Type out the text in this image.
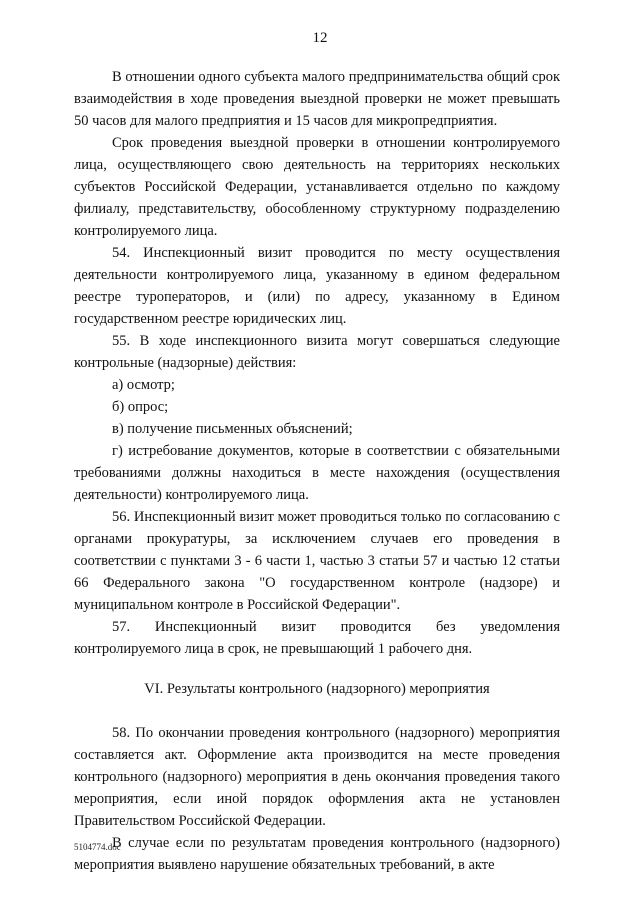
12

В отношении одного субъекта малого предпринимательства общий срок взаимодействия в ходе проведения выездной проверки не может превышать 50 часов для малого предприятия и 15 часов для микропредприятия.

Срок проведения выездной проверки в отношении контролируемого лица, осуществляющего свою деятельность на территориях нескольких субъектов Российской Федерации, устанавливается отдельно по каждому филиалу, представительству, обособленному структурному подразделению контролируемого лица.

54. Инспекционный визит проводится по месту осуществления деятельности контролируемого лица, указанному в едином федеральном реестре туроператоров, и (или) по адресу, указанному в Едином государственном реестре юридических лиц.

55. В ходе инспекционного визита могут совершаться следующие контрольные (надзорные) действия:

а) осмотр;

б) опрос;

в) получение письменных объяснений;

г) истребование документов, которые в соответствии с обязательными требованиями должны находиться в месте нахождения (осуществления деятельности) контролируемого лица.

56. Инспекционный визит может проводиться только по согласованию с органами прокуратуры, за исключением случаев его проведения в соответствии с пунктами 3 - 6 части 1, частью 3 статьи 57 и частью 12 статьи 66 Федерального закона "О государственном контроле (надзоре) и муниципальном контроле в Российской Федерации".

57. Инспекционный визит проводится без уведомления контролируемого лица в срок, не превышающий 1 рабочего дня.

VI. Результаты контрольного (надзорного) мероприятия

58. По окончании проведения контрольного (надзорного) мероприятия составляется акт. Оформление акта производится на месте проведения контрольного (надзорного) мероприятия в день окончания проведения такого мероприятия, если иной порядок оформления акта не установлен Правительством Российской Федерации.

В случае если по результатам проведения контрольного (надзорного) мероприятия выявлено нарушение обязательных требований, в акте

5104774.doc
